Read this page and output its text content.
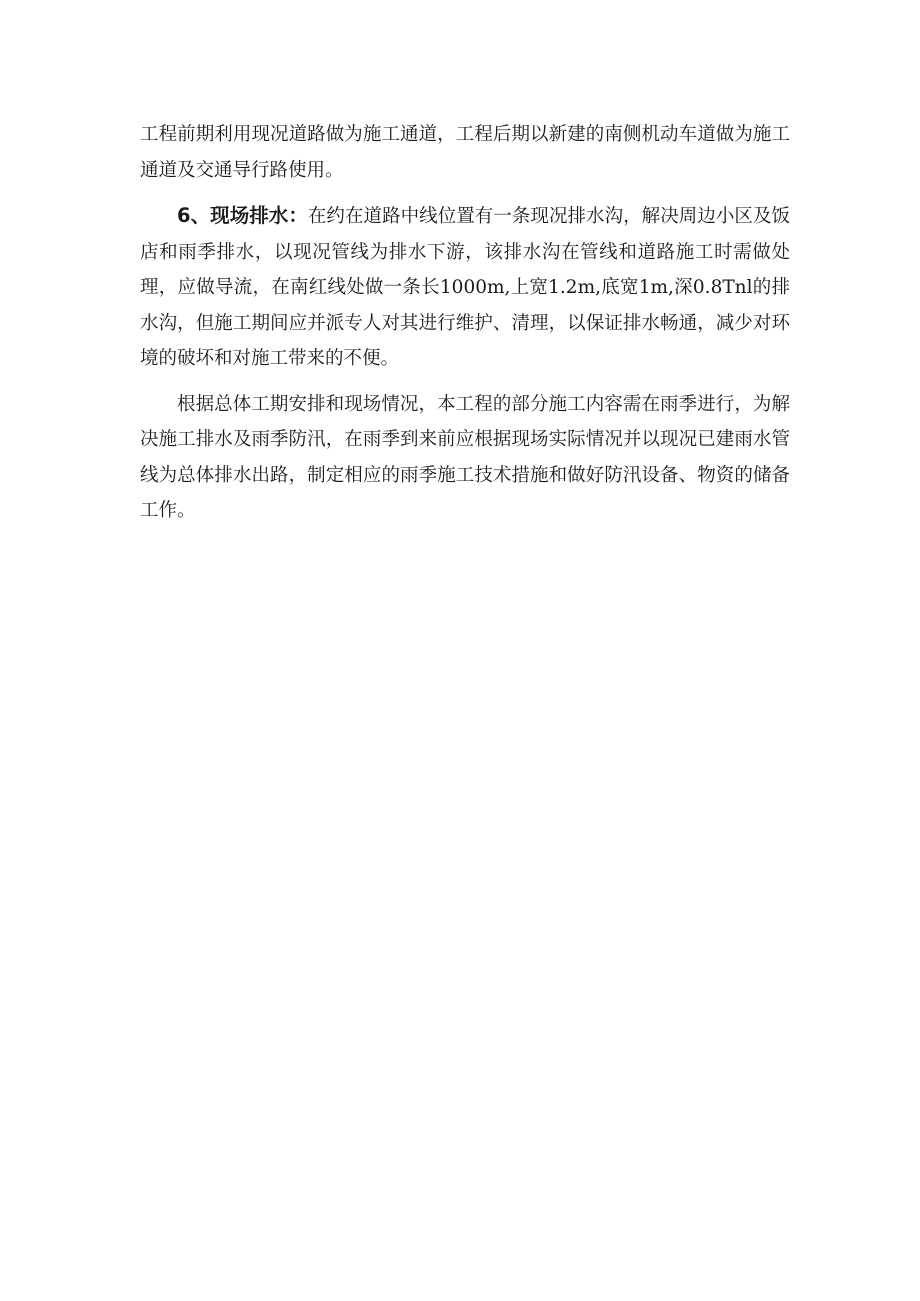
工程前期利用现况道路做为施工通道，工程后期以新建的南侧机动车道做为施工通道及交通导行路使用。

6、现场排水：在约在道路中线位置有一条现况排水沟，解决周边小区及饭店和雨季排水，以现况管线为排水下游，该排水沟在管线和道路施工时需做处理，应做导流，在南红线处做一条长1000m,上宽1.2m,底宽1m,深0.8Tnl的排水沟，但施工期间应并派专人对其进行维护、清理，以保证排水畅通，减少对环境的破坏和对施工带来的不便。

根据总体工期安排和现场情况，本工程的部分施工内容需在雨季进行，为解决施工排水及雨季防汛，在雨季到来前应根据现场实际情况并以现况已建雨水管线为总体排水出路，制定相应的雨季施工技术措施和做好防汛设备、物资的储备工作。
